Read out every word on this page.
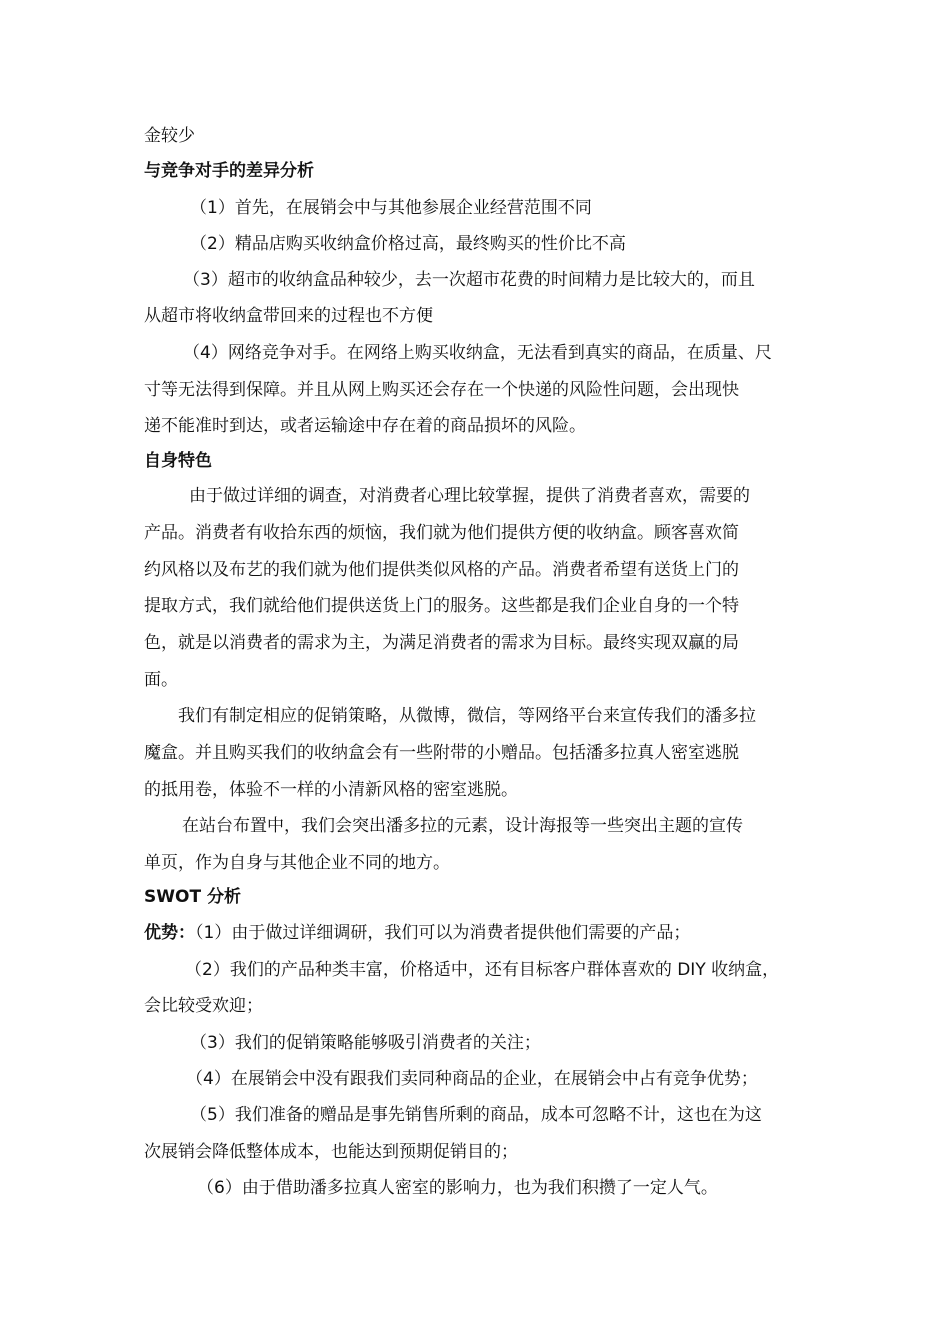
金较少
与竞争对手的差异分析
（1）首先，在展销会中与其他参展企业经营范围不同
（2）精品店购买收纳盒价格过高，最终购买的性价比不高
（3）超市的收纳盒品种较少，去一次超市花费的时间精力是比较大的，而且
从超市将收纳盒带回来的过程也不方便
（4）网络竞争对手。在网络上购买收纳盒，无法看到真实的商品，在质量、尺
寸等无法得到保障。并且从网上购买还会存在一个快递的风险性问题，会出现快
递不能准时到达，或者运输途中存在着的商品损坏的风险。
自身特色
由于做过详细的调查，对消费者心理比较掌握，提供了消费者喜欢，需要的
产品。消费者有收拾东西的烦恼，我们就为他们提供方便的收纳盒。顾客喜欢简
约风格以及布艺的我们就为他们提供类似风格的产品。消费者希望有送货上门的
提取方式，我们就给他们提供送货上门的服务。这些都是我们企业自身的一个特
色，就是以消费者的需求为主，为满足消费者的需求为目标。最终实现双赢的局
面。
我们有制定相应的促销策略，从微博，微信，等网络平台来宣传我们的潘多拉
魔盒。并且购买我们的收纳盒会有一些附带的小赠品。包括潘多拉真人密室逃脱
的抵用卷，体验不一样的小清新风格的密室逃脱。
在站台布置中，我们会突出潘多拉的元素，设计海报等一些突出主题的宣传
单页，作为自身与其他企业不同的地方。
SWOT 分析
优势：（1）由于做过详细调研，我们可以为消费者提供他们需要的产品；
（2）我们的产品种类丰富，价格适中，还有目标客户群体喜欢的 DIY 收纳盒，
会比较受欢迎；
（3）我们的促销策略能够吸引消费者的关注；
（4）在展销会中没有跟我们卖同种商品的企业，在展销会中占有竞争优势；
（5）我们准备的赠品是事先销售所剩的商品，成本可忽略不计，这也在为这
次展销会降低整体成本，也能达到预期促销目的；
（6）由于借助潘多拉真人密室的影响力，也为我们积攒了一定人气。
